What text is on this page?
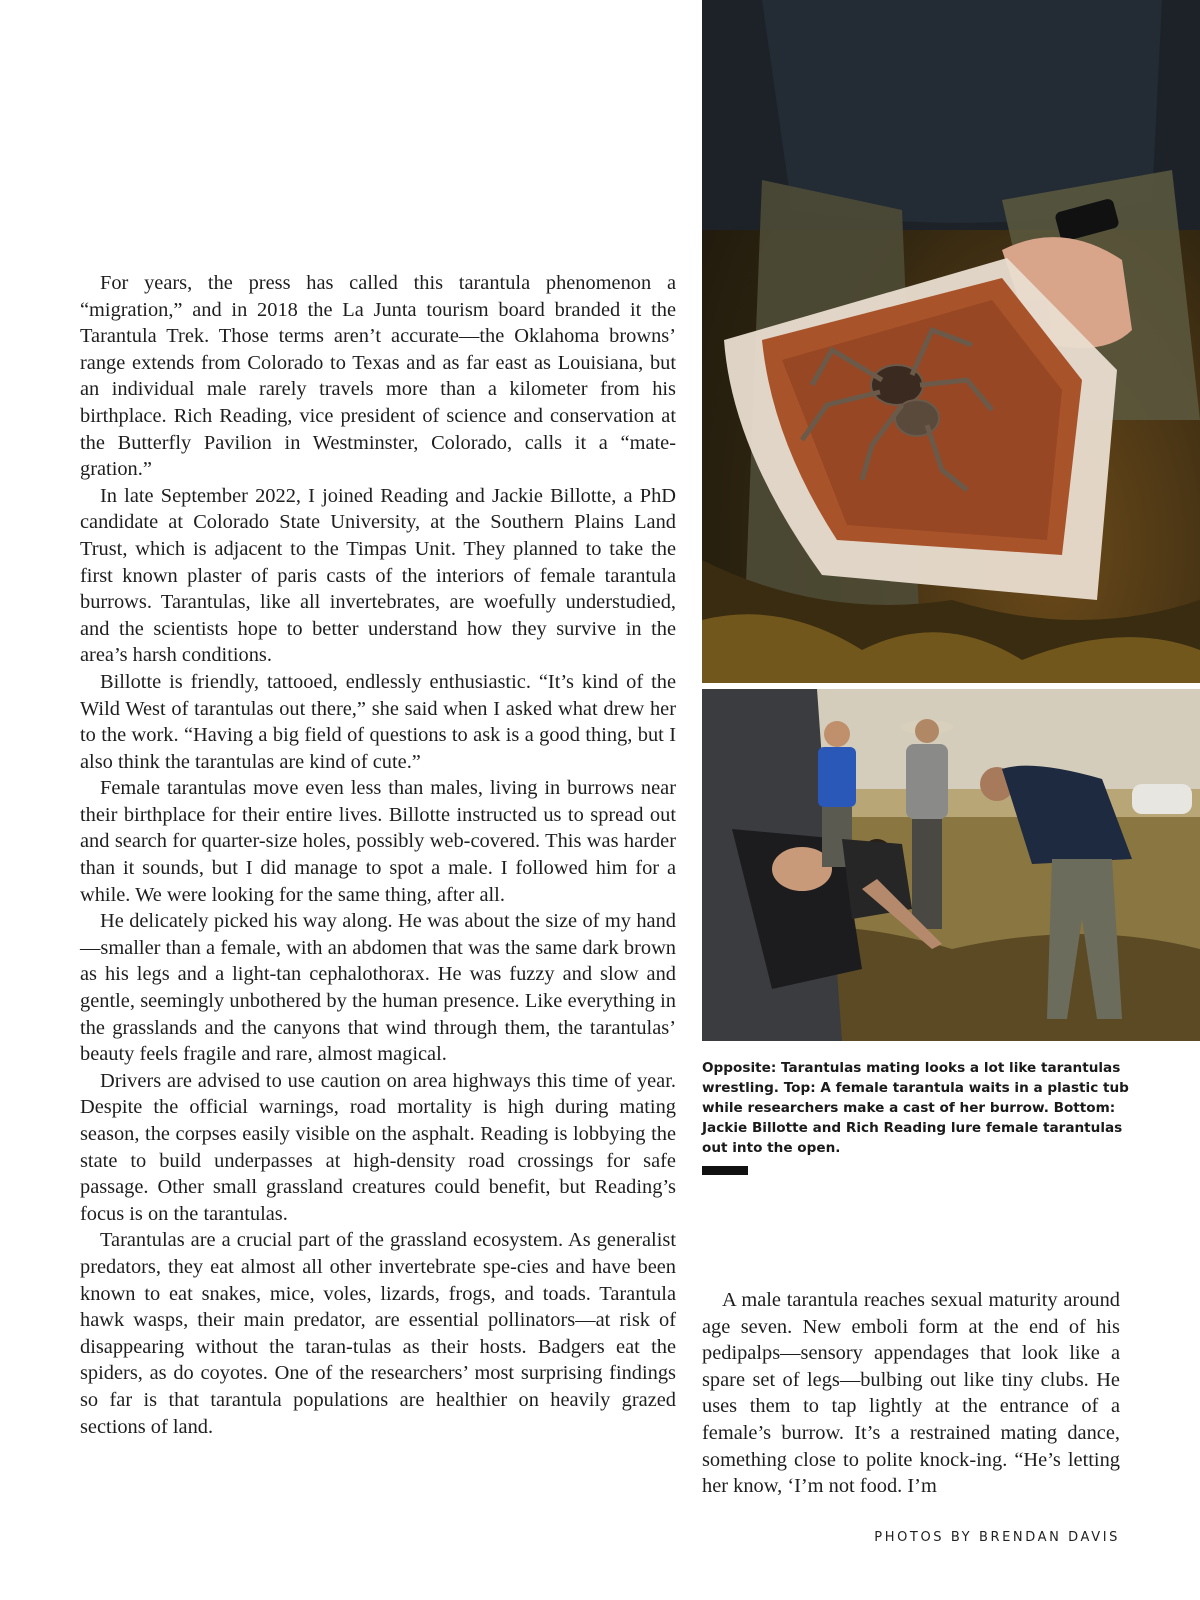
Opposite: Tarantulas mating looks a lot like tarantulas wrestling. Top: A female tarantula waits in a plastic tub while researchers make a cast of her burrow. Bottom: Jackie Billotte and Rich Reading lure female tarantulas out into the open.

For years, the press has called this tarantula phenomenon a “migration,” and in 2018 the La Junta tourism board branded it the Tarantula Trek. Those terms aren’t accurate—the Oklahoma browns’ range extends from Colorado to Texas and as far east as Louisiana, but an individual male rarely travels more than a kilometer from his birthplace. Rich Reading, vice president of science and conservation at the Butterfly Pavilion in Westminster, Colorado, calls it a “mate-gration.”

In late September 2022, I joined Reading and Jackie Billotte, a PhD candidate at Colorado State University, at the Southern Plains Land Trust, which is adjacent to the Timpas Unit. They planned to take the first known plaster of paris casts of the interiors of female tarantula burrows. Tarantulas, like all invertebrates, are woefully understudied, and the scientists hope to better understand how they survive in the area’s harsh conditions.

Billotte is friendly, tattooed, endlessly enthusiastic. “It’s kind of the Wild West of tarantulas out there,” she said when I asked what drew her to the work. “Having a big field of questions to ask is a good thing, but I also think the tarantulas are kind of cute.”

Female tarantulas move even less than males, living in burrows near their birthplace for their entire lives. Billotte instructed us to spread out and search for quarter-size holes, possibly web-covered. This was harder than it sounds, but I did manage to spot a male. I followed him for a while. We were looking for the same thing, after all.

He delicately picked his way along. He was about the size of my hand—smaller than a female, with an abdomen that was the same dark brown as his legs and a light-tan cephalothorax. He was fuzzy and slow and gentle, seemingly unbothered by the human presence. Like everything in the grasslands and the canyons that wind through them, the tarantulas’ beauty feels fragile and rare, almost magical.

Drivers are advised to use caution on area highways this time of year. Despite the official warnings, road mortality is high during mating season, the corpses easily visible on the asphalt. Reading is lobbying the state to build underpasses at high-density road crossings for safe passage. Other small grassland creatures could benefit, but Reading’s focus is on the tarantulas.

Tarantulas are a crucial part of the grassland ecosystem. As generalist predators, they eat almost all other invertebrate spe-cies and have been known to eat snakes, mice, voles, lizards, frogs, and toads. Tarantula hawk wasps, their main predator, are essential pollinators—at risk of disappearing without the taran-tulas as their hosts. Badgers eat the spiders, as do coyotes. One of the researchers’ most surprising findings so far is that tarantula populations are healthier on heavily grazed sections of land.

A male tarantula reaches sexual maturity around age seven. New emboli form at the end of his pedipalps—sensory appendages that look like a spare set of legs—bulbing out like tiny clubs. He uses them to tap lightly at the entrance of a female’s burrow. It’s a restrained mating dance, something close to polite knock-ing. “He’s letting her know, ‘I’m not food. I’m

PHOTOS BY BRENDAN DAVIS
